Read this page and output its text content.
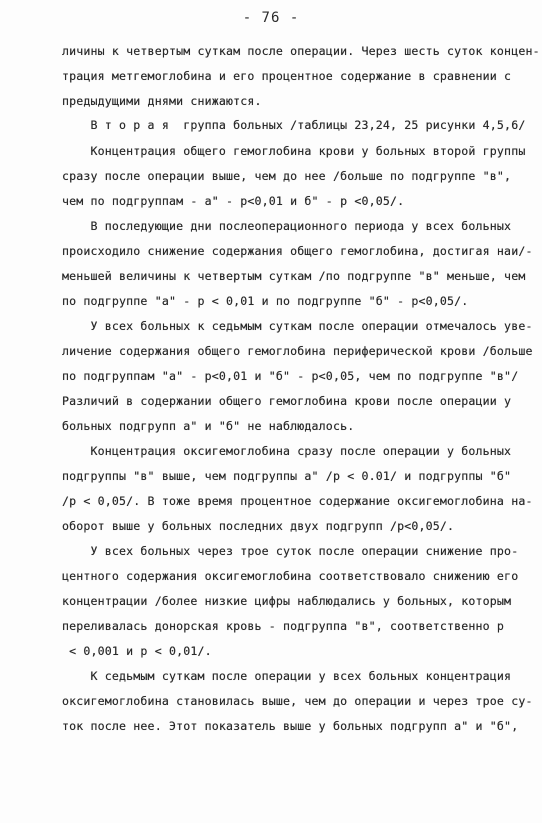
- 76 -
личины к четвертым суткам после операции. Через шесть суток концен-
трация метгемоглобина и его процентное содержание в сравнении с
предыдущими днями снижаются.
В т о р а я  группа больных /таблицы 23,24, 25 рисунки 4,5,6/
Концентрация общего гемоглобина крови у больных второй группы
сразу после операции выше, чем до нее /больше по подгруппе "в",
чем по подгруппам - а" - р<0,01 и б" - р <0,05/.
В последующие дни послеоперационного периода у всех больных
происходило снижение содержания общего гемоглобина, достигая наи/-
меньшей величины к четвертым суткам /по подгруппе "в" меньше, чем
по подгруппе "а" - р < 0,01 и по подгруппе "б" - р<0,05/.
У всех больных к седьмым суткам после операции отмечалось уве-
личение содержания общего гемоглобина периферической крови /больше
по подгруппам "а" - р<0,01 и "б" - р<0,05, чем по подгруппе "в"/
Различий в содержании общего гемоглобина крови после операции у
больных подгрупп а" и "б" не наблюдалось.
Концентрация оксигемоглобина сразу после операции у больных
подгруппы "в" выше, чем подгруппы а" /р < 0.01/ и подгруппы "б"
/р < 0,05/. В тоже время процентное содержание оксигемоглобина на-
оборот выше у больных последних двух подгрупп /р<0,05/.
У всех больных через трое суток после операции снижение про-
центного содержания оксигемоглобина соответствовало снижению его
концентрации /более низкие цифры наблюдались у больных, которым
переливалась донорская кровь - подгруппа "в", соответственно р
< 0,001 и р < 0,01/.
К седьмым суткам после операции у всех больных концентрация
оксигемоглобина становилась выше, чем до операции и через трое су-
ток после нее. Этот показатель выше у больных подгрупп а" и "б",
